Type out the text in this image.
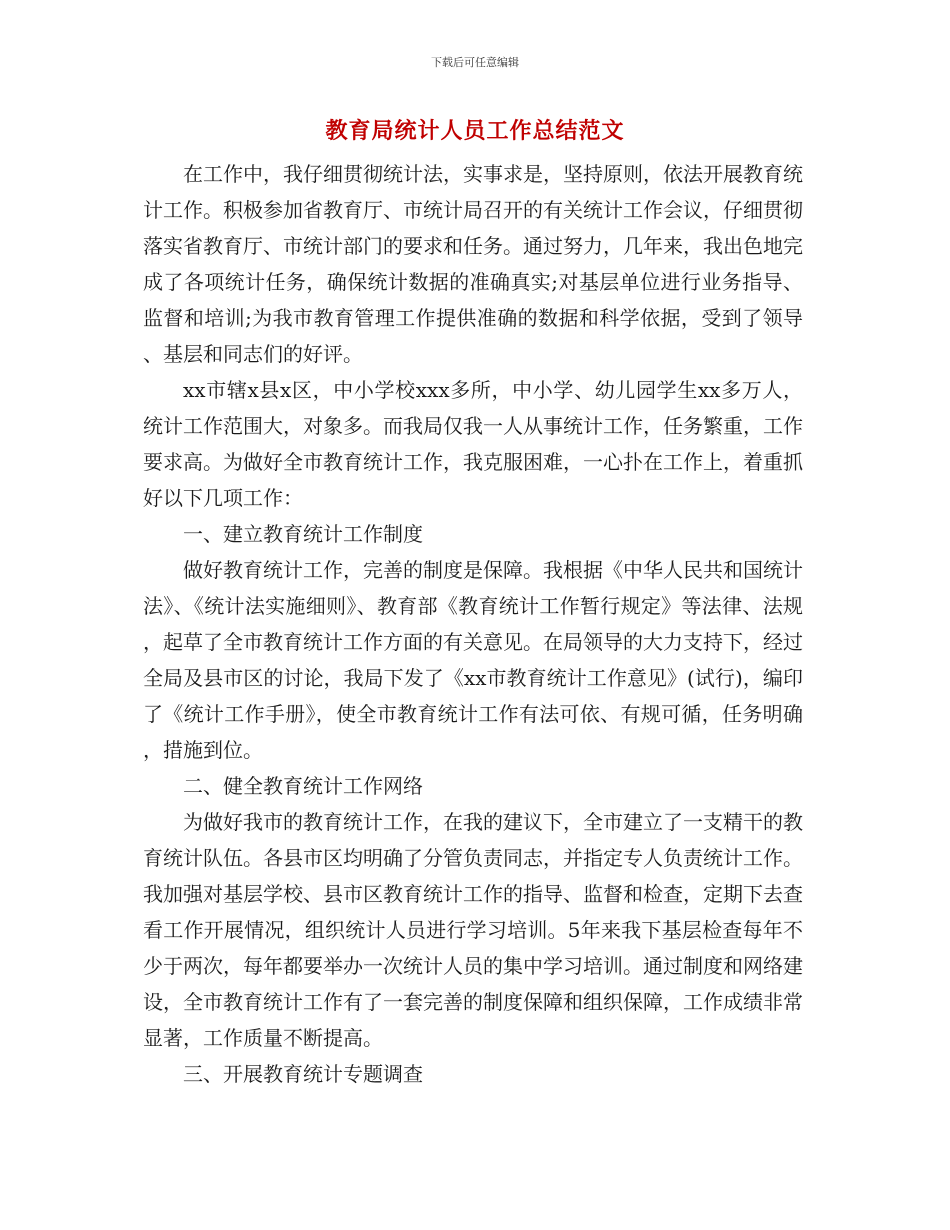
下载后可任意编辑
教育局统计人员工作总结范文

在工作中，我仔细贯彻统计法，实事求是，坚持原则，依法开展教育统计工作。积极参加省教育厅、市统计局召开的有关统计工作会议，仔细贯彻落实省教育厅、市统计部门的要求和任务。通过努力，几年来，我出色地完成了各项统计任务，确保统计数据的准确真实;对基层单位进行业务指导、监督和培训;为我市教育管理工作提供准确的数据和科学依据，受到了领导、基层和同志们的好评。

xx市辖x县x区，中小学校xxx多所，中小学、幼儿园学生xx多万人，统计工作范围大，对象多。而我局仅我一人从事统计工作，任务繁重，工作要求高。为做好全市教育统计工作，我克服困难，一心扑在工作上，着重抓好以下几项工作：

一、建立教育统计工作制度

做好教育统计工作，完善的制度是保障。我根据《中华人民共和国统计法》、《统计法实施细则》、教育部《教育统计工作暂行规定》等法律、法规，起草了全市教育统计工作方面的有关意见。在局领导的大力支持下，经过全局及县市区的讨论，我局下发了《xx市教育统计工作意见》(试行)，编印了《统计工作手册》，使全市教育统计工作有法可依、有规可循，任务明确，措施到位。

二、健全教育统计工作网络

为做好我市的教育统计工作，在我的建议下，全市建立了一支精干的教育统计队伍。各县市区均明确了分管负责同志，并指定专人负责统计工作。我加强对基层学校、县市区教育统计工作的指导、监督和检查，定期下去查看工作开展情况，组织统计人员进行学习培训。5年来我下基层检查每年不少于两次，每年都要举办一次统计人员的集中学习培训。通过制度和网络建设，全市教育统计工作有了一套完善的制度保障和组织保障，工作成绩非常显著，工作质量不断提高。

三、开展教育统计专题调查
